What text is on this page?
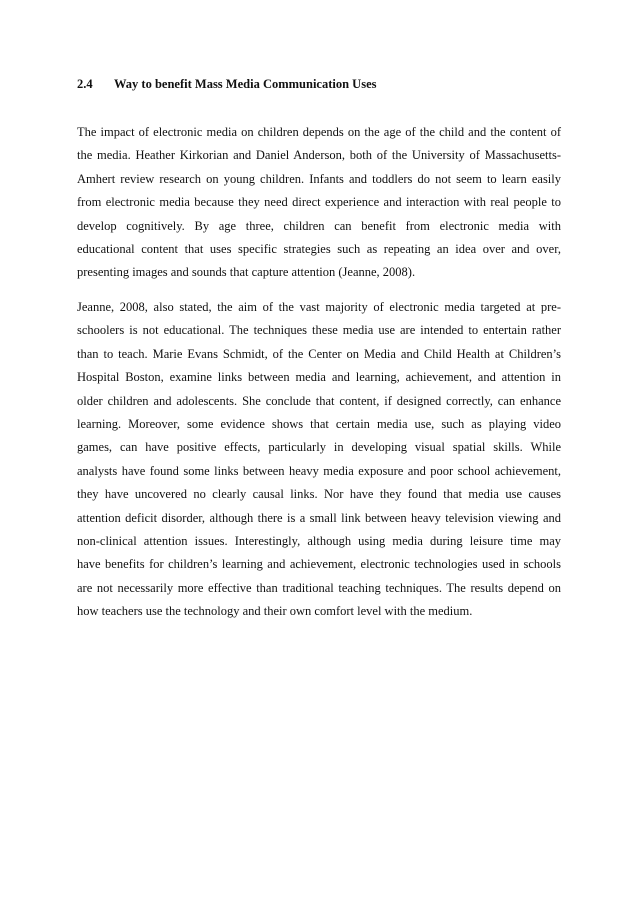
2.4	Way to benefit Mass Media Communication Uses
The impact of electronic media on children depends on the age of the child and the content of
the media. Heather Kirkorian and Daniel Anderson, both of the University of Massachusetts-
Amhert review research on young children. Infants and toddlers do not seem to learn easily
from electronic media because they need direct experience and interaction with real people to
develop cognitively. By age three, children can benefit from electronic media with
educational content that uses specific strategies such as repeating an idea over and over,
presenting images and sounds that capture attention (Jeanne, 2008).
Jeanne, 2008, also stated, the aim of the vast majority of electronic media targeted at pre-
schoolers is not educational. The techniques these media use are intended to entertain rather
than to teach. Marie Evans Schmidt, of the Center on Media and Child Health at Children’s
Hospital Boston, examine links between media and learning, achievement, and attention in
older children and adolescents. She conclude that content, if designed correctly, can enhance
learning. Moreover, some evidence shows that certain media use, such as playing video
games, can have positive effects, particularly in developing visual spatial skills. While
analysts have found some links between heavy media exposure and poor school achievement,
they have uncovered no clearly causal links. Nor have they found that media use causes
attention deficit disorder, although there is a small link between heavy television viewing and
non-clinical attention issues. Interestingly, although using media during leisure time may
have benefits for children’s learning and achievement, electronic technologies used in schools
are not necessarily more effective than traditional teaching techniques. The results depend on
how teachers use the technology and their own comfort level with the medium.
